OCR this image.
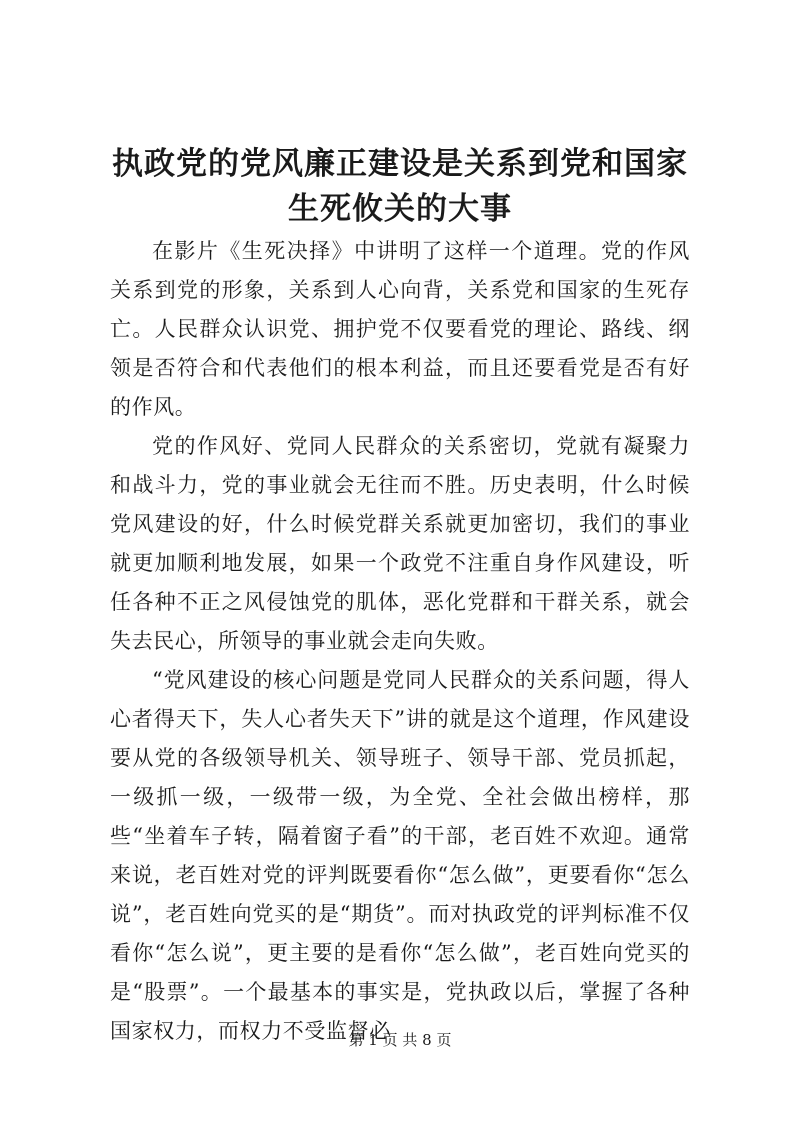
执政党的党风廉正建设是关系到党和国家生死攸关的大事

在影片《生死决择》中讲明了这样一个道理。党的作风关系到党的形象，关系到人心向背，关系党和国家的生死存亡。人民群众认识党、拥护党不仅要看党的理论、路线、纲领是否符合和代表他们的根本利益，而且还要看党是否有好的作风。

党的作风好、党同人民群众的关系密切，党就有凝聚力和战斗力，党的事业就会无往而不胜。历史表明，什么时候党风建设的好，什么时候党群关系就更加密切，我们的事业就更加顺利地发展，如果一个政党不注重自身作风建设，听任各种不正之风侵蚀党的肌体，恶化党群和干群关系，就会失去民心，所领导的事业就会走向失败。

“党风建设的核心问题是党同人民群众的关系问题，得人心者得天下，失人心者失天下”讲的就是这个道理，作风建设要从党的各级领导机关、领导班子、领导干部、党员抓起，一级抓一级，一级带一级，为全党、全社会做出榜样，那些“坐着车子转，隔着窗子看”的干部，老百姓不欢迎。通常来说，老百姓对党的评判既要看你“怎么做”，更要看你“怎么说”，老百姓向党买的是“期货”。而对执政党的评判标准不仅看你“怎么说”，更主要的是看你“怎么做”，老百姓向党买的是“股票”。一个最基本的事实是，党执政以后，掌握了各种国家权力，而权力不受监督必

第 1 页 共 8 页
